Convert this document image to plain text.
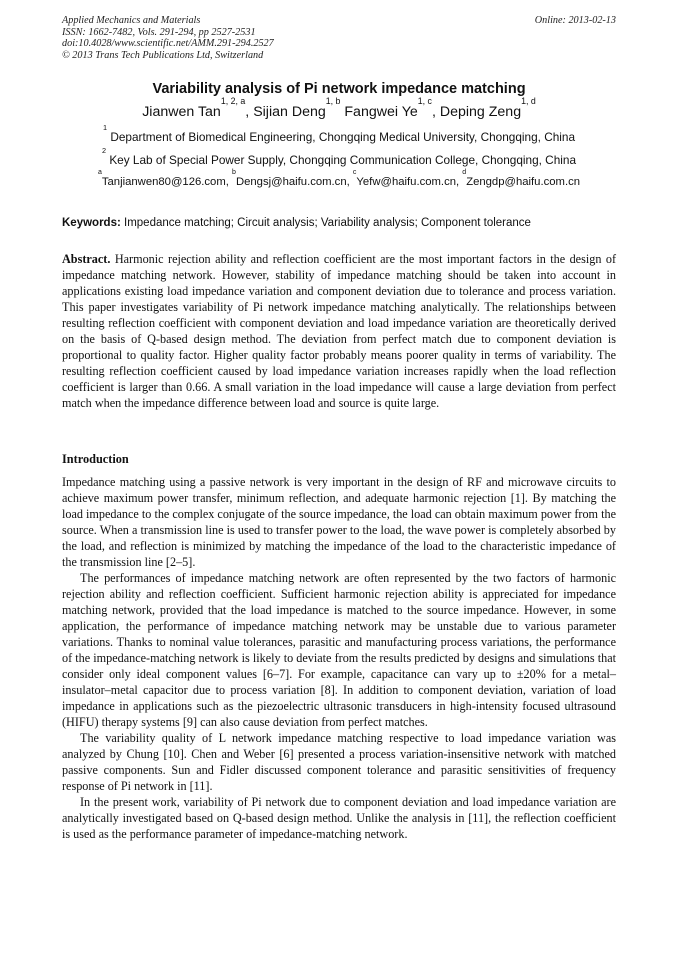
Applied Mechanics and Materials
ISSN: 1662-7482, Vols. 291-294, pp 2527-2531
doi:10.4028/www.scientific.net/AMM.291-294.2527
© 2013 Trans Tech Publications Ltd, Switzerland
Online: 2013-02-13
Variability analysis of Pi network impedance matching
Jianwen Tan$^{1, 2, a}$, Sijian Deng$^{1, b}$ Fangwei Ye$^{1, c}$, Deping Zeng$^{1, d}$
$^1$ Department of Biomedical Engineering, Chongqing Medical University, Chongqing, China
$^2$ Key Lab of Special Power Supply, Chongqing Communication College, Chongqing, China
$^a$Tanjianwen80@126.com, $^b$Dengsj@haifu.com.cn, $^c$Yefw@haifu.com.cn, $^d$Zengdp@haifu.com.cn
Keywords: Impedance matching; Circuit analysis; Variability analysis; Component tolerance
Abstract. Harmonic rejection ability and reflection coefficient are the most important factors in the design of impedance matching network. However, stability of impedance matching should be taken into account in applications existing load impedance variation and component deviation due to tolerance and process variation. This paper investigates variability of Pi network impedance matching analytically. The relationships between resulting reflection coefficient with component deviation and load impedance variation are theoretically derived on the basis of Q-based design method. The deviation from perfect match due to component deviation is proportional to quality factor. Higher quality factor probably means poorer quality in terms of variability. The resulting reflection coefficient caused by load impedance variation increases rapidly when the load reflection coefficient is larger than 0.66. A small variation in the load impedance will cause a large deviation from perfect match when the impedance difference between load and source is quite large.
Introduction

Impedance matching using a passive network is very important in the design of RF and microwave circuits to achieve maximum power transfer, minimum reflection, and adequate harmonic rejection [1]. By matching the load impedance to the complex conjugate of the source impedance, the load can obtain maximum power from the source. When a transmission line is used to transfer power to the load, the wave power is completely absorbed by the load, and reflection is minimized by matching the impedance of the load to the characteristic impedance of the transmission line [2–5].

The performances of impedance matching network are often represented by the two factors of harmonic rejection ability and reflection coefficient. Sufficient harmonic rejection ability is appreciated for impedance matching network, provided that the load impedance is matched to the source impedance. However, in some application, the performance of impedance matching network may be unstable due to various parameter variations. Thanks to nominal value tolerances, parasitic and manufacturing process variations, the performance of the impedance-matching network is likely to deviate from the results predicted by designs and simulations that consider only ideal component values [6–7]. For example, capacitance can vary up to ±20% for a metal–insulator–metal capacitor due to process variation [8]. In addition to component deviation, variation of load impedance in applications such as the piezoelectric ultrasonic transducers in high-intensity focused ultrasound (HIFU) therapy systems [9] can also cause deviation from perfect matches.

The variability quality of L network impedance matching respective to load impedance variation was analyzed by Chung [10]. Chen and Weber [6] presented a process variation-insensitive network with matched passive components. Sun and Fidler discussed component tolerance and parasitic sensitivities of frequency response of Pi network in [11].

In the present work, variability of Pi network due to component deviation and load impedance variation are analytically investigated based on Q-based design method. Unlike the analysis in [11], the reflection coefficient is used as the performance parameter of impedance-matching network.
